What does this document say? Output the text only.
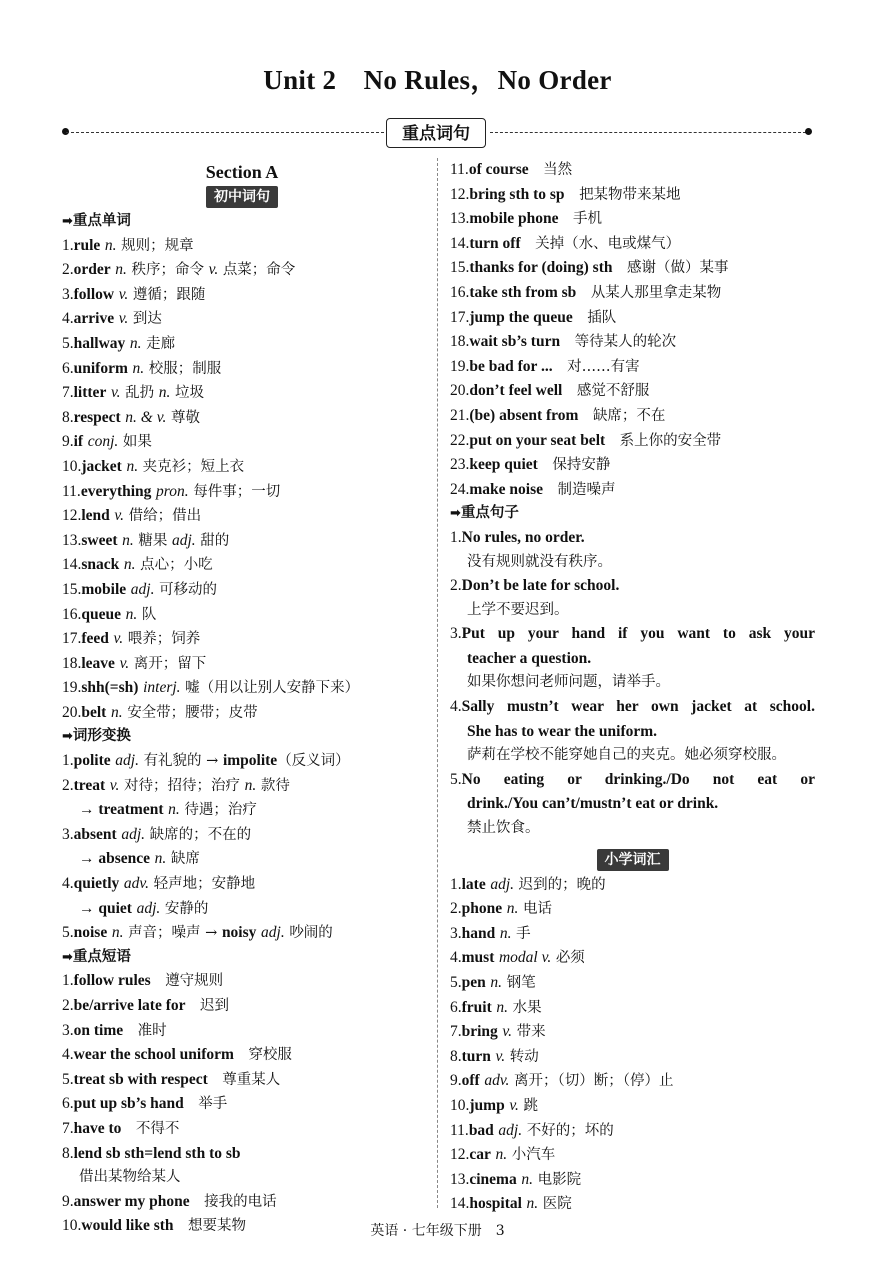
Unit 2　No Rules，No Order
重点词句
Section A
初中词句
➡重点单词
1.rule n. 规则；规章
2.order n. 秩序；命令 v. 点菜；命令
3.follow v. 遵循；跟随
4.arrive v. 到达
5.hallway n. 走廊
6.uniform n. 校服；制服
7.litter v. 乱扔 n. 垃圾
8.respect n. & v. 尊敬
9.if conj. 如果
10.jacket n. 夹克衫；短上衣
11.everything pron. 每件事；一切
12.lend v. 借给；借出
13.sweet n. 糖果 adj. 甜的
14.snack n. 点心；小吃
15.mobile adj. 可移动的
16.queue n. 队
17.feed v. 喂养；饲养
18.leave v. 离开；留下
19.shh(=sh) interj. 嘘（用以让别人安静下来）
20.belt n. 安全带；腰带；皮带
➡词形变换
1.polite adj. 有礼貌的 → impolite（反义词）
2.treat v. 对待；招待；治疗 n. 款待
→ treatment n. 待遇；治疗
3.absent adj. 缺席的；不在的
→ absence n. 缺席
4.quietly adv. 轻声地；安静地
→ quiet adj. 安静的
5.noise n. 声音；噪声 → noisy adj. 吵闹的
➡重点短语
1.follow rules  遵守规则
2.be/arrive late for  迟到
3.on time  准时
4.wear the school uniform  穿校服
5.treat sb with respect  尊重某人
6.put up sb’s hand  举手
7.have to  不得不
8.lend sb sth=lend sth to sb 
借出某物给某人
9.answer my phone  接我的电话
10.would like sth  想要某物
11.of course  当然
12.bring sth to sp  把某物带来某地
13.mobile phone  手机
14.turn off  关掉（水、电或煤气）
15.thanks for (doing) sth  感谢（做）某事
16.take sth from sb  从某人那里拿走某物
17.jump the queue  插队
18.wait sb’s turn  等待某人的轮次
19.be bad for ...  对……有害
20.don’t feel well  感觉不舒服
21.(be) absent from  缺席；不在
22.put on your seat belt  系上你的安全带
23.keep quiet  保持安静
24.make noise  制造噪声
➡重点句子
1.No rules, no order.
没有规则就没有秩序。
2.Don’t be late for school.
上学不要迟到。
3.Put up your hand if you want to ask your
teacher a question.
如果你想问老师问题，请举手。
4.Sally mustn’t wear her own jacket at school.
She has to wear the uniform.
萨莉在学校不能穿她自己的夹克。她必须穿校服。
5.No eating or drinking./Do not eat or
drink./You can’t/mustn’t eat or drink.
禁止饮食。
小学词汇
1.late adj. 迟到的；晚的
2.phone n. 电话
3.hand n. 手
4.must modal v. 必须
5.pen n. 钢笔
6.fruit n. 水果
7.bring v. 带来
8.turn v. 转动
9.off adv. 离开；（切）断；（停）止
10.jump v. 跳
11.bad adj. 不好的；坏的
12.car n. 小汽车
13.cinema n. 电影院
14.hospital n. 医院
英语 · 七年级下册　3
